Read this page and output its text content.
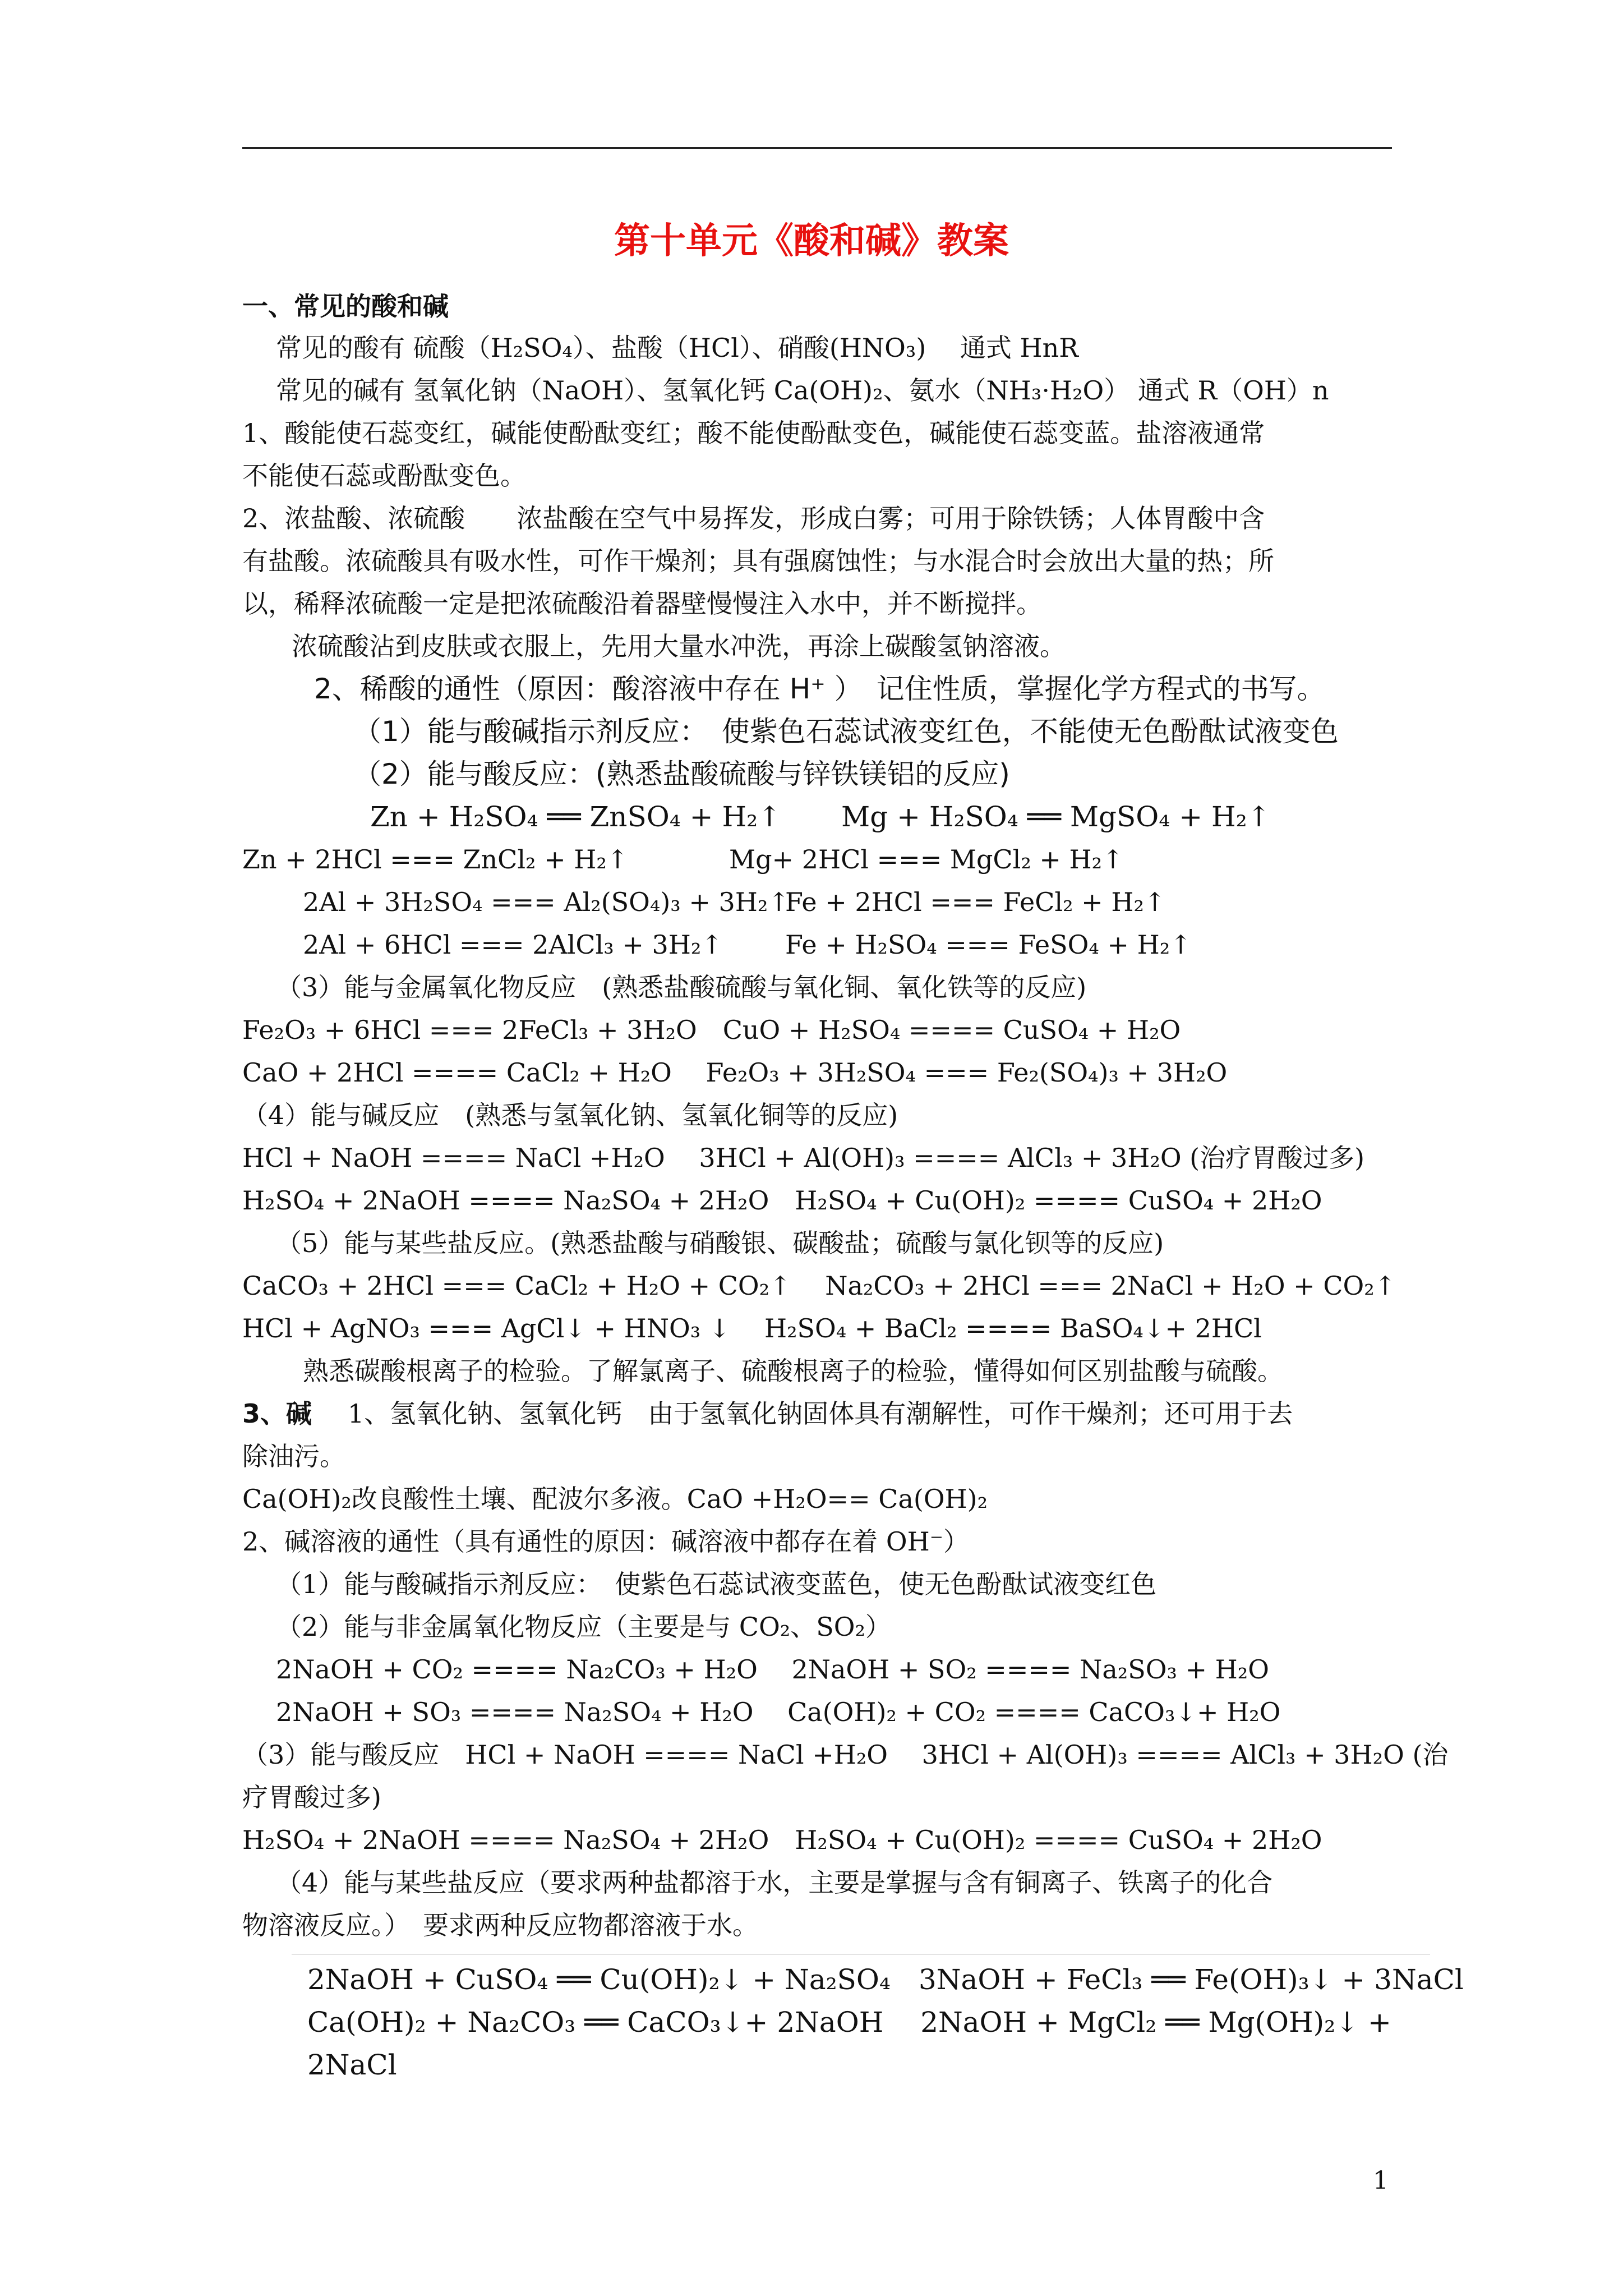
第十单元《酸和碱》教案
一、常见的酸和碱
常见的酸有 硫酸（H₂SO₄）、盐酸（HCl）、硝酸(HNO₃)　 通式 HnR
常见的碱有 氢氧化钠（NaOH）、氢氧化钙 Ca(OH)₂、氨水（NH₃·H₂O） 通式 R（OH）n
1、酸能使石蕊变红，碱能使酚酞变红；酸不能使酚酞变色，碱能使石蕊变蓝。盐溶液通常
不能使石蕊或酚酞变色。
2、浓盐酸、浓硫酸　　浓盐酸在空气中易挥发，形成白雾；可用于除铁锈；人体胃酸中含
有盐酸。浓硫酸具有吸水性，可作干燥剂；具有强腐蚀性；与水混合时会放出大量的热；所
以，稀释浓硫酸一定是把浓硫酸沿着器壁慢慢注入水中，并不断搅拌。
浓硫酸沾到皮肤或衣服上，先用大量水冲洗，再涂上碳酸氢钠溶液。
2、稀酸的通性（原因：酸溶液中存在 H⁺ ）　记住性质，掌握化学方程式的书写。
（1）能与酸碱指示剂反应：　使紫色石蕊试液变红色，不能使无色酚酞试液变色
（2）能与酸反应：(熟悉盐酸硫酸与锌铁镁铝的反应)
Zn + H₂SO₄ ══ ZnSO₄ + H₂↑ Mg + H₂SO₄ ══ MgSO₄ + H₂↑
Zn + 2HCl === ZnCl₂ + H₂↑	Mg+ 2HCl === MgCl₂ + H₂↑
2Al + 3H₂SO₄ === Al₂(SO₄)₃ + 3H₂↑
Fe + 2HCl === FeCl₂ + H₂↑
2Al + 6HCl === 2AlCl₃ + 3H₂↑ Fe + H₂SO₄ === FeSO₄ + H₂↑
（3）能与金属氧化物反应　(熟悉盐酸硫酸与氧化铜、氧化铁等的反应)
Fe₂O₃ + 6HCl === 2FeCl₃ + 3H₂O　CuO + H₂SO₄ ==== CuSO₄ + H₂O
CaO + 2HCl ==== CaCl₂ + H₂O　 Fe₂O₃ + 3H₂SO₄ === Fe₂(SO₄)₃ + 3H₂O
（4）能与碱反应　(熟悉与氢氧化钠、氢氧化铜等的反应)
HCl + NaOH ==== NaCl +H₂O　 3HCl + Al(OH)₃ ==== AlCl₃ + 3H₂O (治疗胃酸过多)
H₂SO₄ + 2NaOH ==== Na₂SO₄ + 2H₂O　H₂SO₄ + Cu(OH)₂ ==== CuSO₄ + 2H₂O
（5）能与某些盐反应。(熟悉盐酸与硝酸银、碳酸盐；硫酸与氯化钡等的反应)
CaCO₃ + 2HCl === CaCl₂ + H₂O + CO₂↑　 Na₂CO₃ + 2HCl === 2NaCl + H₂O + CO₂↑
HCl + AgNO₃ === AgCl↓ + HNO₃ ↓　 H₂SO₄ + BaCl₂ ==== BaSO₄↓+ 2HCl
熟悉碳酸根离子的检验。了解氯离子、硫酸根离子的检验，懂得如何区别盐酸与硫酸。
3、碱 1、氢氧化钠、氢氧化钙　由于氢氧化钠固体具有潮解性，可作干燥剂；还可用于去
除油污。
Ca(OH)₂改良酸性土壤、配波尔多液。CaO +H₂O== Ca(OH)₂
2、碱溶液的通性（具有通性的原因：碱溶液中都存在着 OH⁻）
（1）能与酸碱指示剂反应：　使紫色石蕊试液变蓝色，使无色酚酞试液变红色
（2）能与非金属氧化物反应（主要是与 CO₂、SO₂）
2NaOH + CO₂ ==== Na₂CO₃ + H₂O　 2NaOH + SO₂ ==== Na₂SO₃ + H₂O
2NaOH + SO₃ ==== Na₂SO₄ + H₂O　 Ca(OH)₂ + CO₂ ==== CaCO₃↓+ H₂O
（3）能与酸反应　HCl + NaOH ==== NaCl +H₂O　 3HCl + Al(OH)₃ ==== AlCl₃ + 3H₂O (治
疗胃酸过多)
H₂SO₄ + 2NaOH ==== Na₂SO₄ + 2H₂O　H₂SO₄ + Cu(OH)₂ ==== CuSO₄ + 2H₂O
（4）能与某些盐反应（要求两种盐都溶于水，主要是掌握与含有铜离子、铁离子的化合
物溶液反应。）　要求两种反应物都溶液于水。
2NaOH + CuSO₄ ══ Cu(OH)₂↓ + Na₂SO₄　3NaOH + FeCl₃ ══ Fe(OH)₃↓ + 3NaCl
Ca(OH)₂ + Na₂CO₃ ══ CaCO₃↓+ 2NaOH　 2NaOH + MgCl₂ ══ Mg(OH)₂↓ +
2NaCl
1
